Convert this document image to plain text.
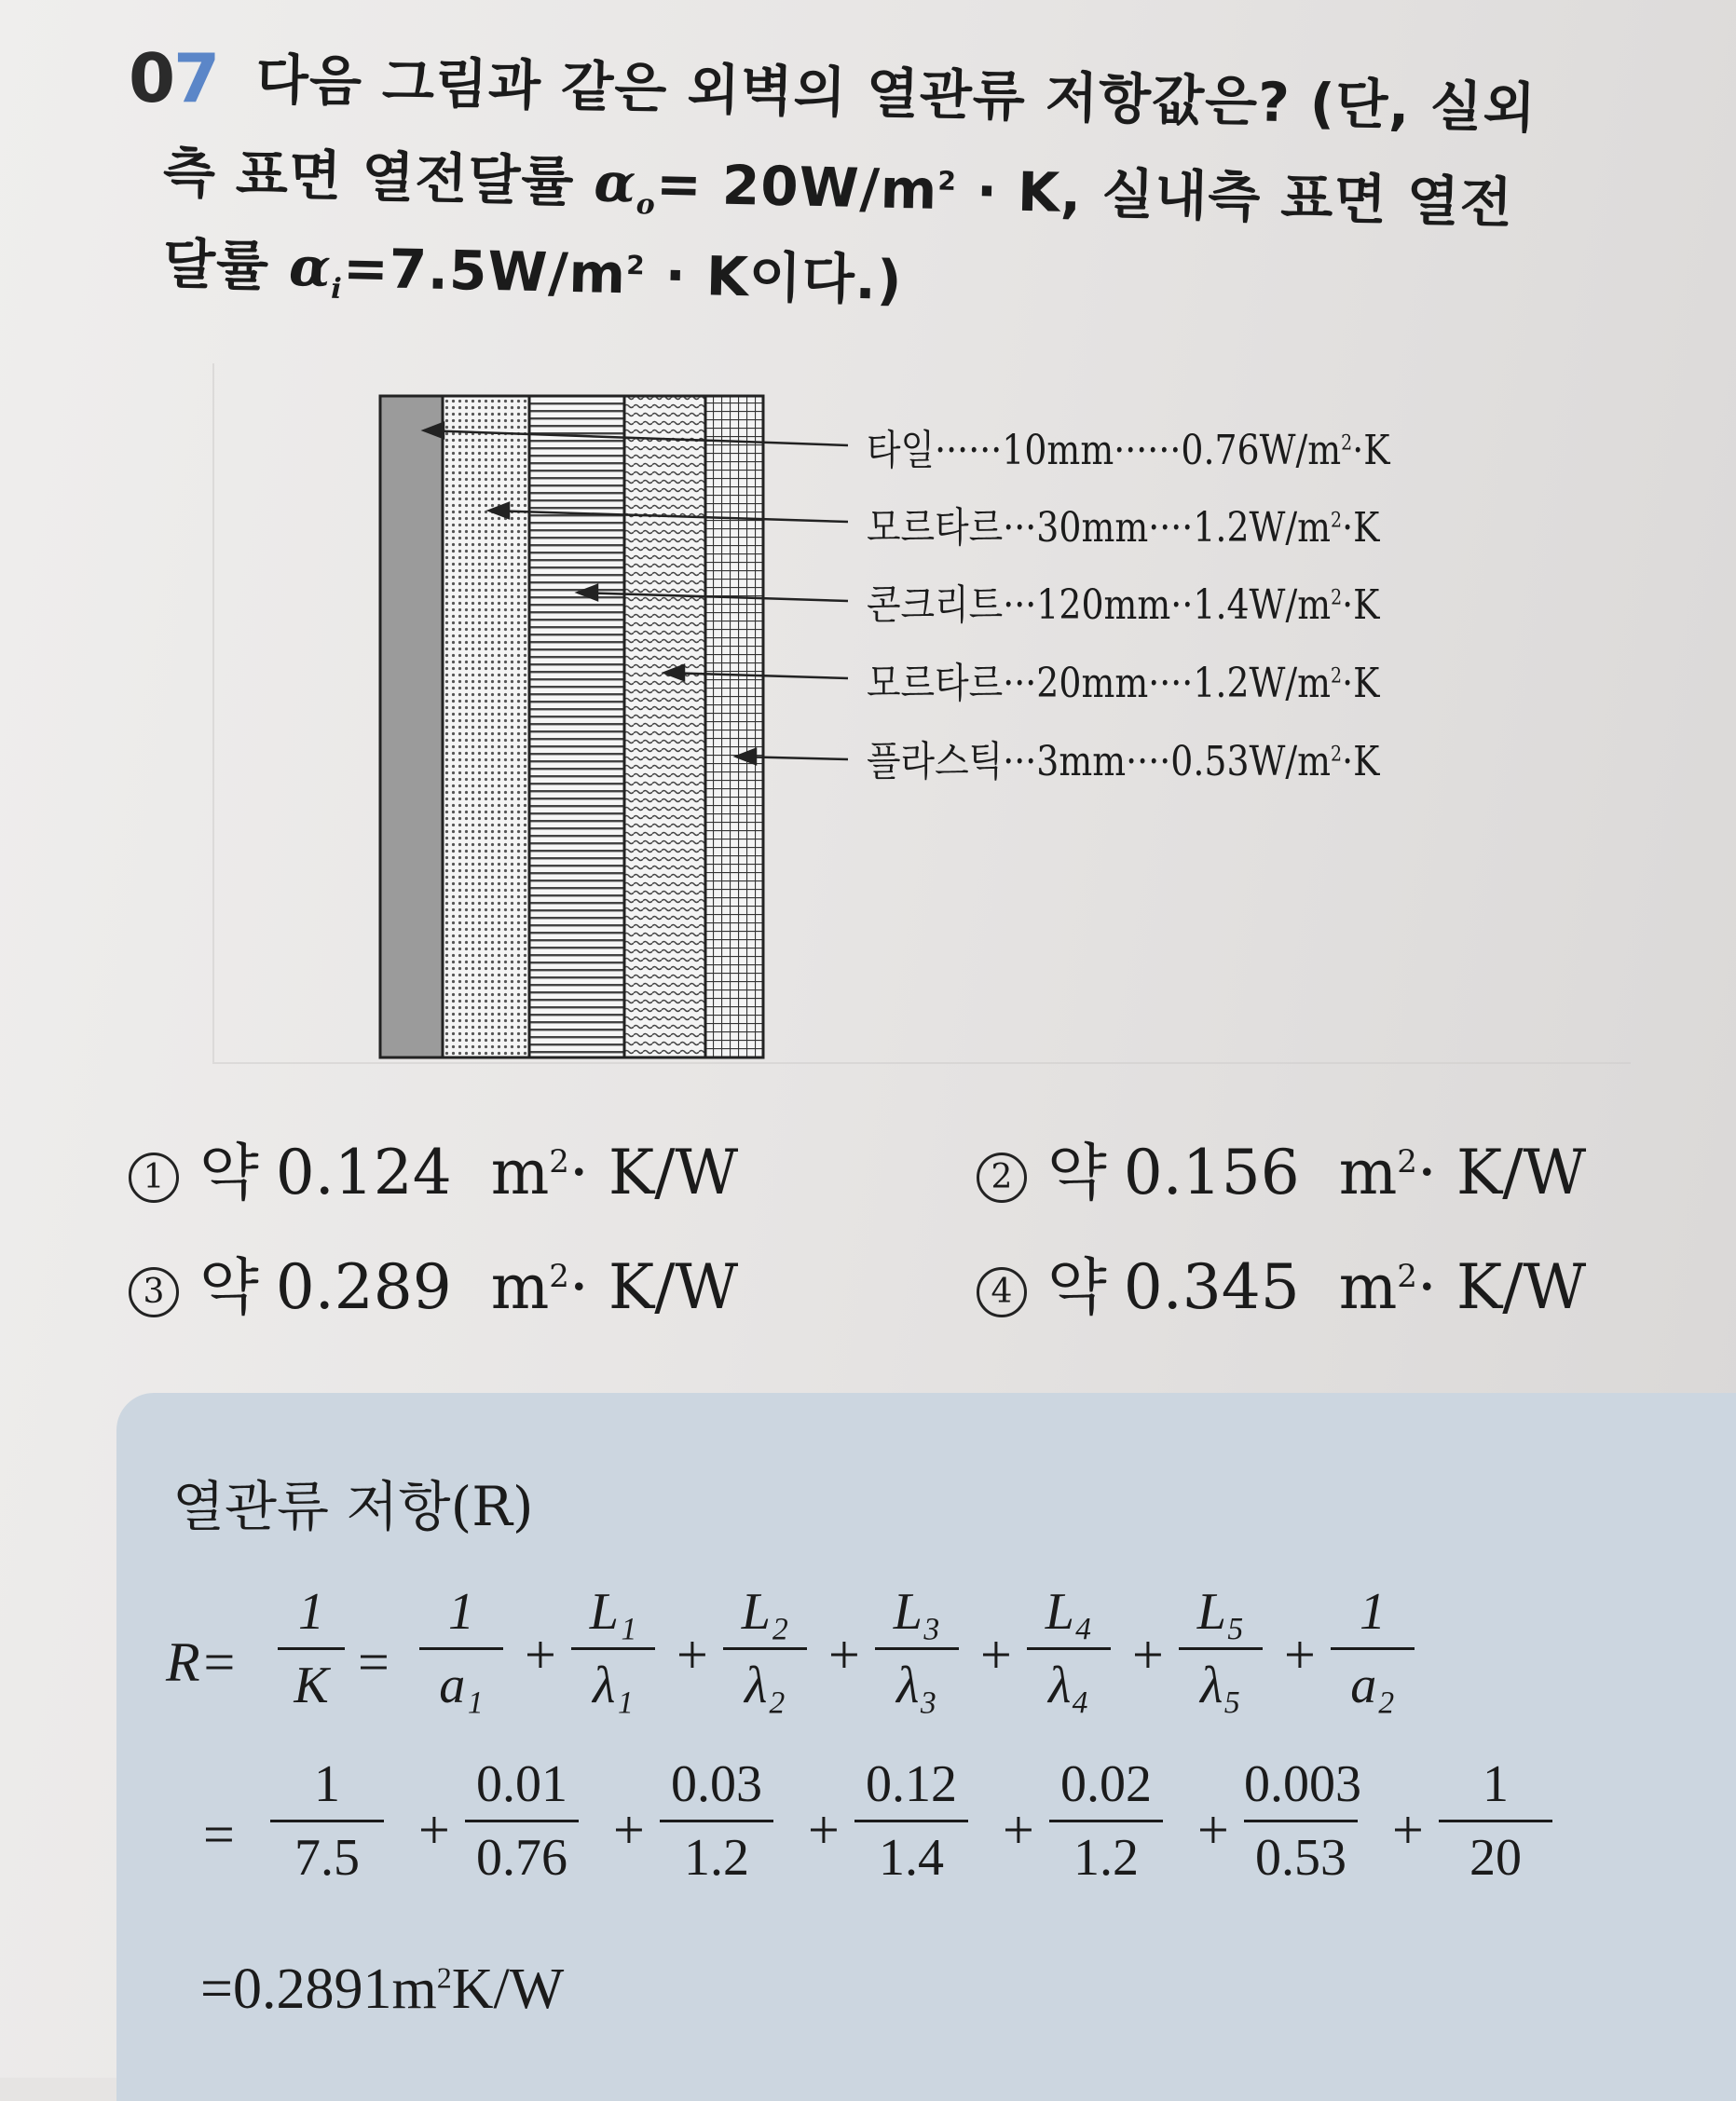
07 다음 그림과 같은 외벽의 열관류 저항값은? (단, 실외
측 표면 열전달률 $\alpha_o= 20W/m^2 \cdot K$, 실내측 표면 열전
달률 $\alpha_i=7.5W/m^2 \cdot K$이다.)
타일$\cdot\cdot\cdot\cdot\cdot\cdot 10mm\cdot\cdot\cdot\cdot\cdot\cdot 0.76W/m^2\cdot K$
모르타르$\cdot\cdot\cdot 30mm\cdot\cdot\cdot\cdot 1.2W/m^2\cdot K$
콘크리트$\cdot\cdot\cdot 120mm\cdot\cdot 1.4W/m^2\cdot K$
모르타르$\cdot\cdot\cdot 20mm\cdot\cdot\cdot\cdot 1.2W/m^2\cdot K$
플라스틱$\cdot\cdot\cdot 3mm\cdot\cdot\cdot\cdot 0.53W/m^2\cdot K$
1 약 0.124 $m^2\cdot K/W$	2 약 0.156 $m^2\cdot K/W$
3 약 0.289 $m^2\cdot K/W$	4 약 0.345 $m^2\cdot K/W$
열관류 저항(R)
R=
1
K =
1
a₁ +
L₁
λ₁ +
L₂
λ₂ +
L₃
λ₃ +
L₄
λ₄ +
L₅
λ₅ +
1
a₂
=
1
7.5	+
0.01
0.76 +
0.03
1.2	+
0.12
1.4	+
0.02
1.2	+
0.003
0.53 +
1
20
$=0.2891m^2K/W$
